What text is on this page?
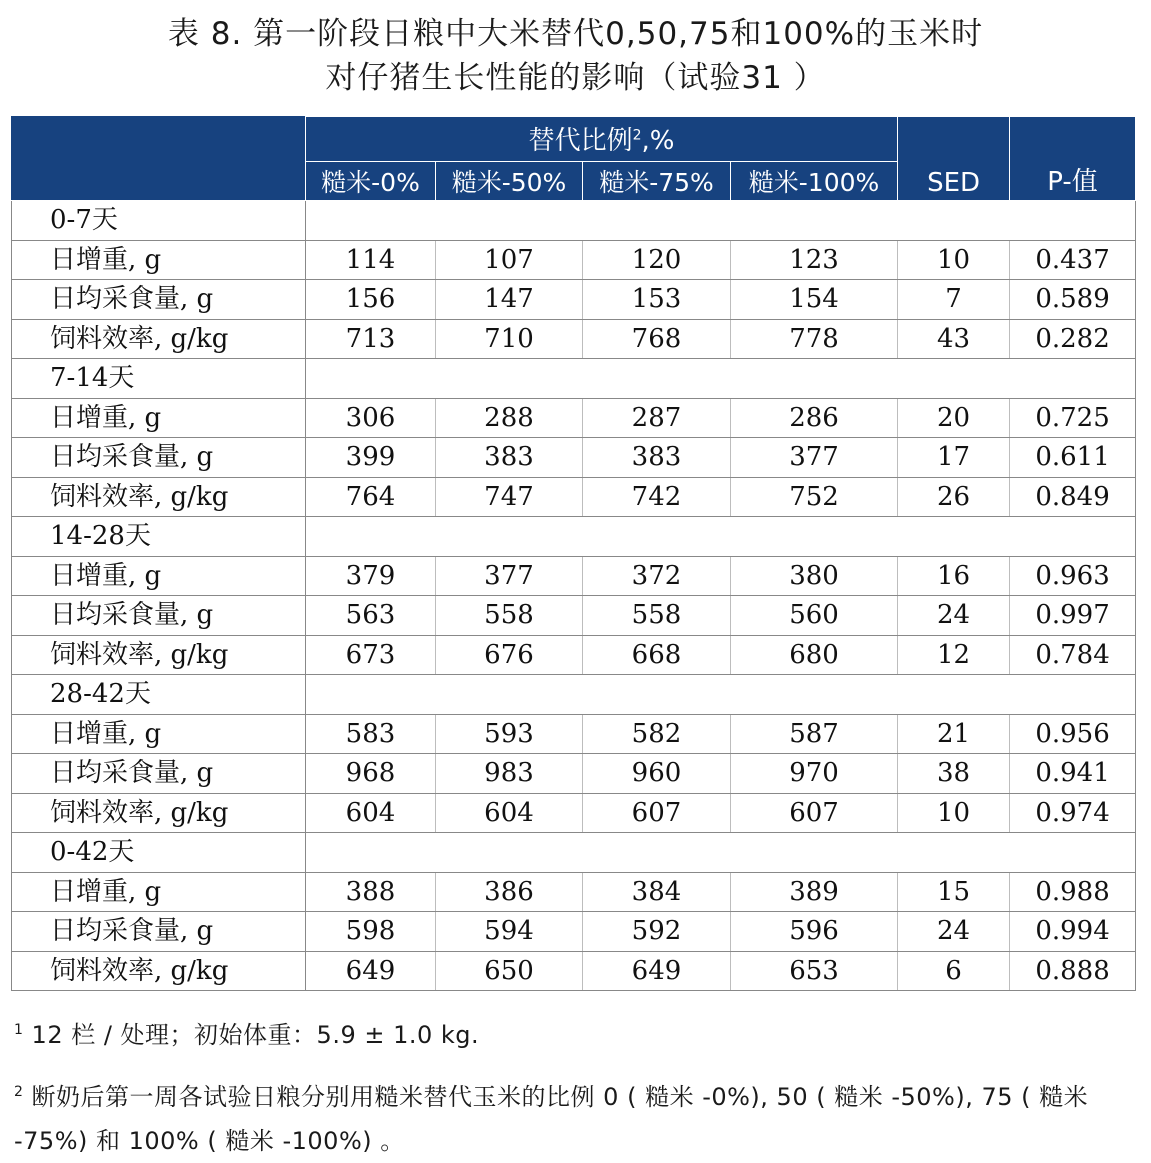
表 8. 第一阶段日粮中大米替代0,50,75和100%的玉米时
对仔猪生长性能的影响（试验31 ）
	替代比例$^2$,%				SED	P-值
	糙米-0%	糙米-50%	糙米-75%	糙米-100%		
0-7天						
日增重, g	114	107	120	123	10	0.437
日均采食量, g	156	147	153	154	7	0.589
饲料效率, g/kg	713	710	768	778	43	0.282
7-14天						
日增重, g	306	288	287	286	20	0.725
日均采食量, g	399	383	383	377	17	0.611
饲料效率, g/kg	764	747	742	752	26	0.849
14-28天						
日增重, g	379	377	372	380	16	0.963
日均采食量, g	563	558	558	560	24	0.997
饲料效率, g/kg	673	676	668	680	12	0.784
28-42天						
日增重, g	583	593	582	587	21	0.956
日均采食量, g	968	983	960	970	38	0.941
饲料效率, g/kg	604	604	607	607	10	0.974
0-42天						
日增重, g	388	386	384	389	15	0.988
日均采食量, g	598	594	592	596	24	0.994
饲料效率, g/kg	649	650	649	653	6	0.888
$^1$ 12 栏 / 处理；初始体重：5.9 ± 1.0 kg.
$^2$ 断奶后第一周各试验日粮分别用糙米替代玉米的比例 0 ( 糙米 -0%), 50 ( 糙米 -50%), 75 ( 糙米 -75%) 和 100% ( 糙米 -100%) 。
